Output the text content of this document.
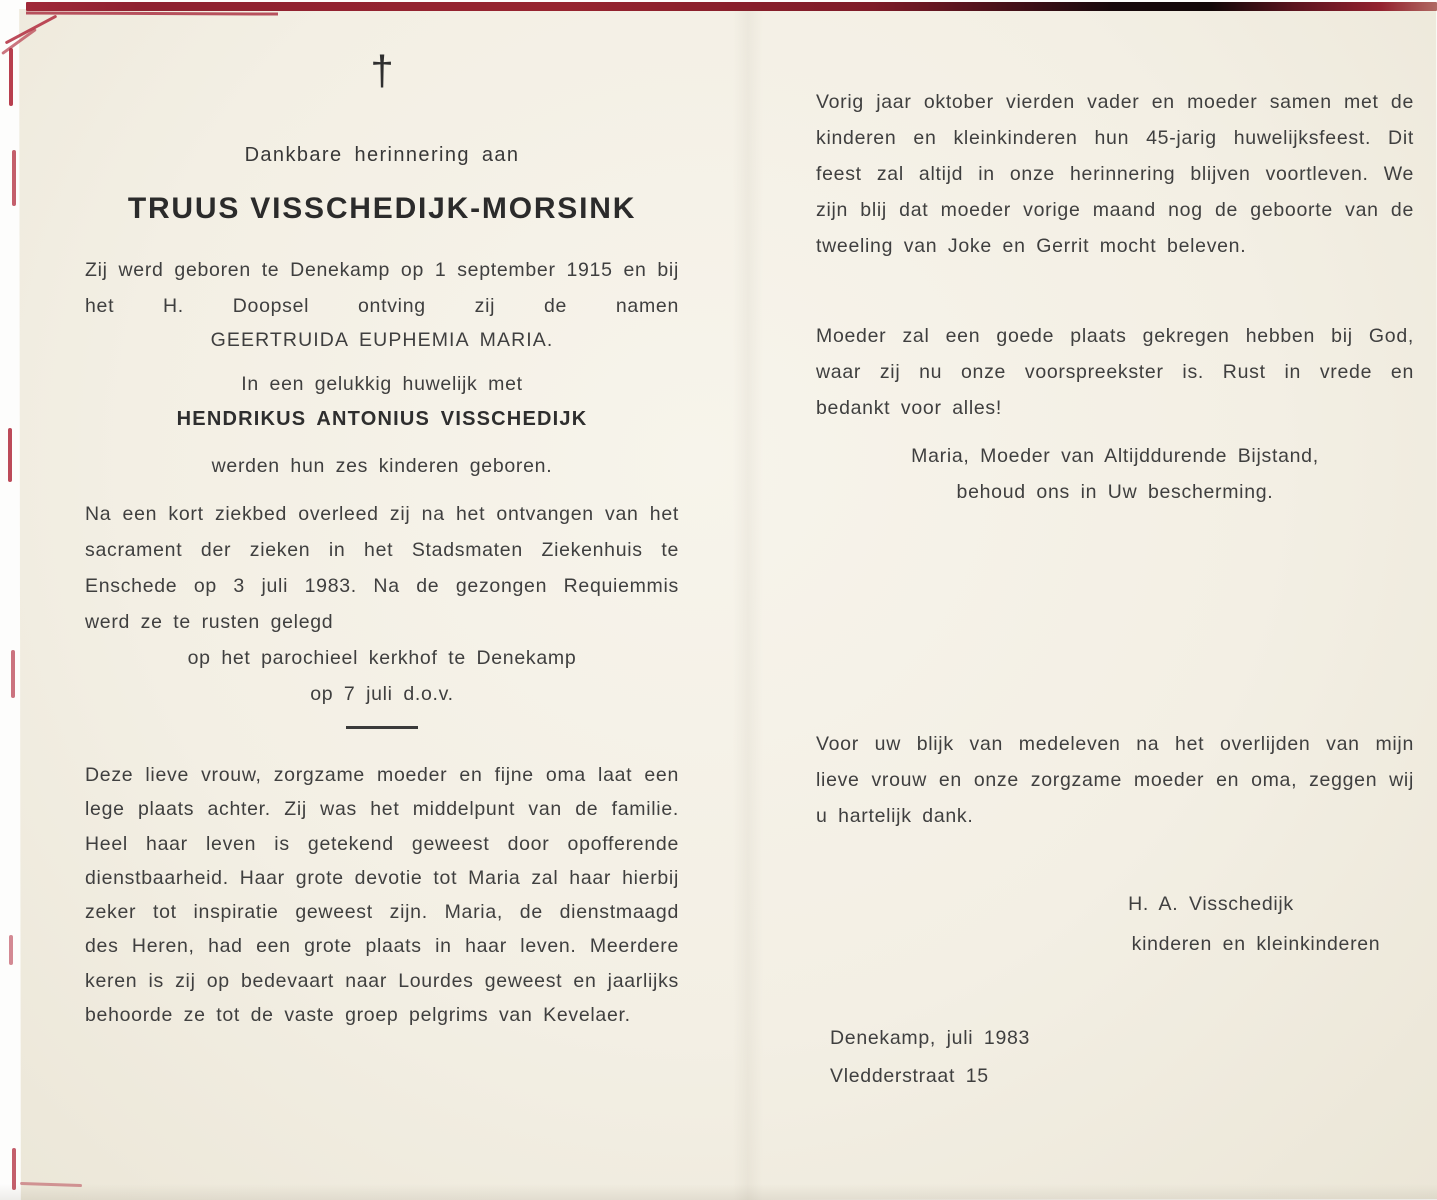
†
Dankbare herinnering aan
TRUUS VISSCHEDIJK-MORSINK
Zij werd geboren te Denekamp op 1 september 1915 en bij het H. Doopsel ontving zij de namen
GEERTRUIDA EUPHEMIA MARIA.
In een gelukkig huwelijk met
HENDRIKUS ANTONIUS VISSCHEDIJK
werden hun zes kinderen geboren.
Na een kort ziekbed overleed zij na het ontvangen van het sacrament der zieken in het Stadsmaten Ziekenhuis te Enschede op 3 juli 1983. Na de gezongen Requiemmis werd ze te rusten gelegd
op het parochieel kerkhof te Denekamp
op 7 juli d.o.v.
Deze lieve vrouw, zorgzame moeder en fijne oma laat een lege plaats achter. Zij was het middelpunt van de familie. Heel haar leven is getekend geweest door opofferende dienstbaarheid. Haar grote devotie tot Maria zal haar hierbij zeker tot inspiratie geweest zijn. Maria, de dienstmaagd des Heren, had een grote plaats in haar leven. Meerdere keren is zij op bedevaart naar Lourdes geweest en jaarlijks behoorde ze tot de vaste groep pelgrims van Kevelaer.
Vorig jaar oktober vierden vader en moeder samen met de kinderen en kleinkinderen hun 45-jarig huwelijksfeest. Dit feest zal altijd in onze herinnering blijven voortleven. We zijn blij dat moeder vorige maand nog de geboorte van de tweeling van Joke en Gerrit mocht beleven.
Moeder zal een goede plaats gekregen hebben bij God, waar zij nu onze voorspreekster is. Rust in vrede en bedankt voor alles!
Maria, Moeder van Altijddurende Bijstand,
behoud ons in Uw bescherming.
Voor uw blijk van medeleven na het overlijden van mijn lieve vrouw en onze zorgzame moeder en oma, zeggen wij u hartelijk dank.
H. A. Visschedijk
kinderen en kleinkinderen
Denekamp, juli 1983
Vledderstraat 15
